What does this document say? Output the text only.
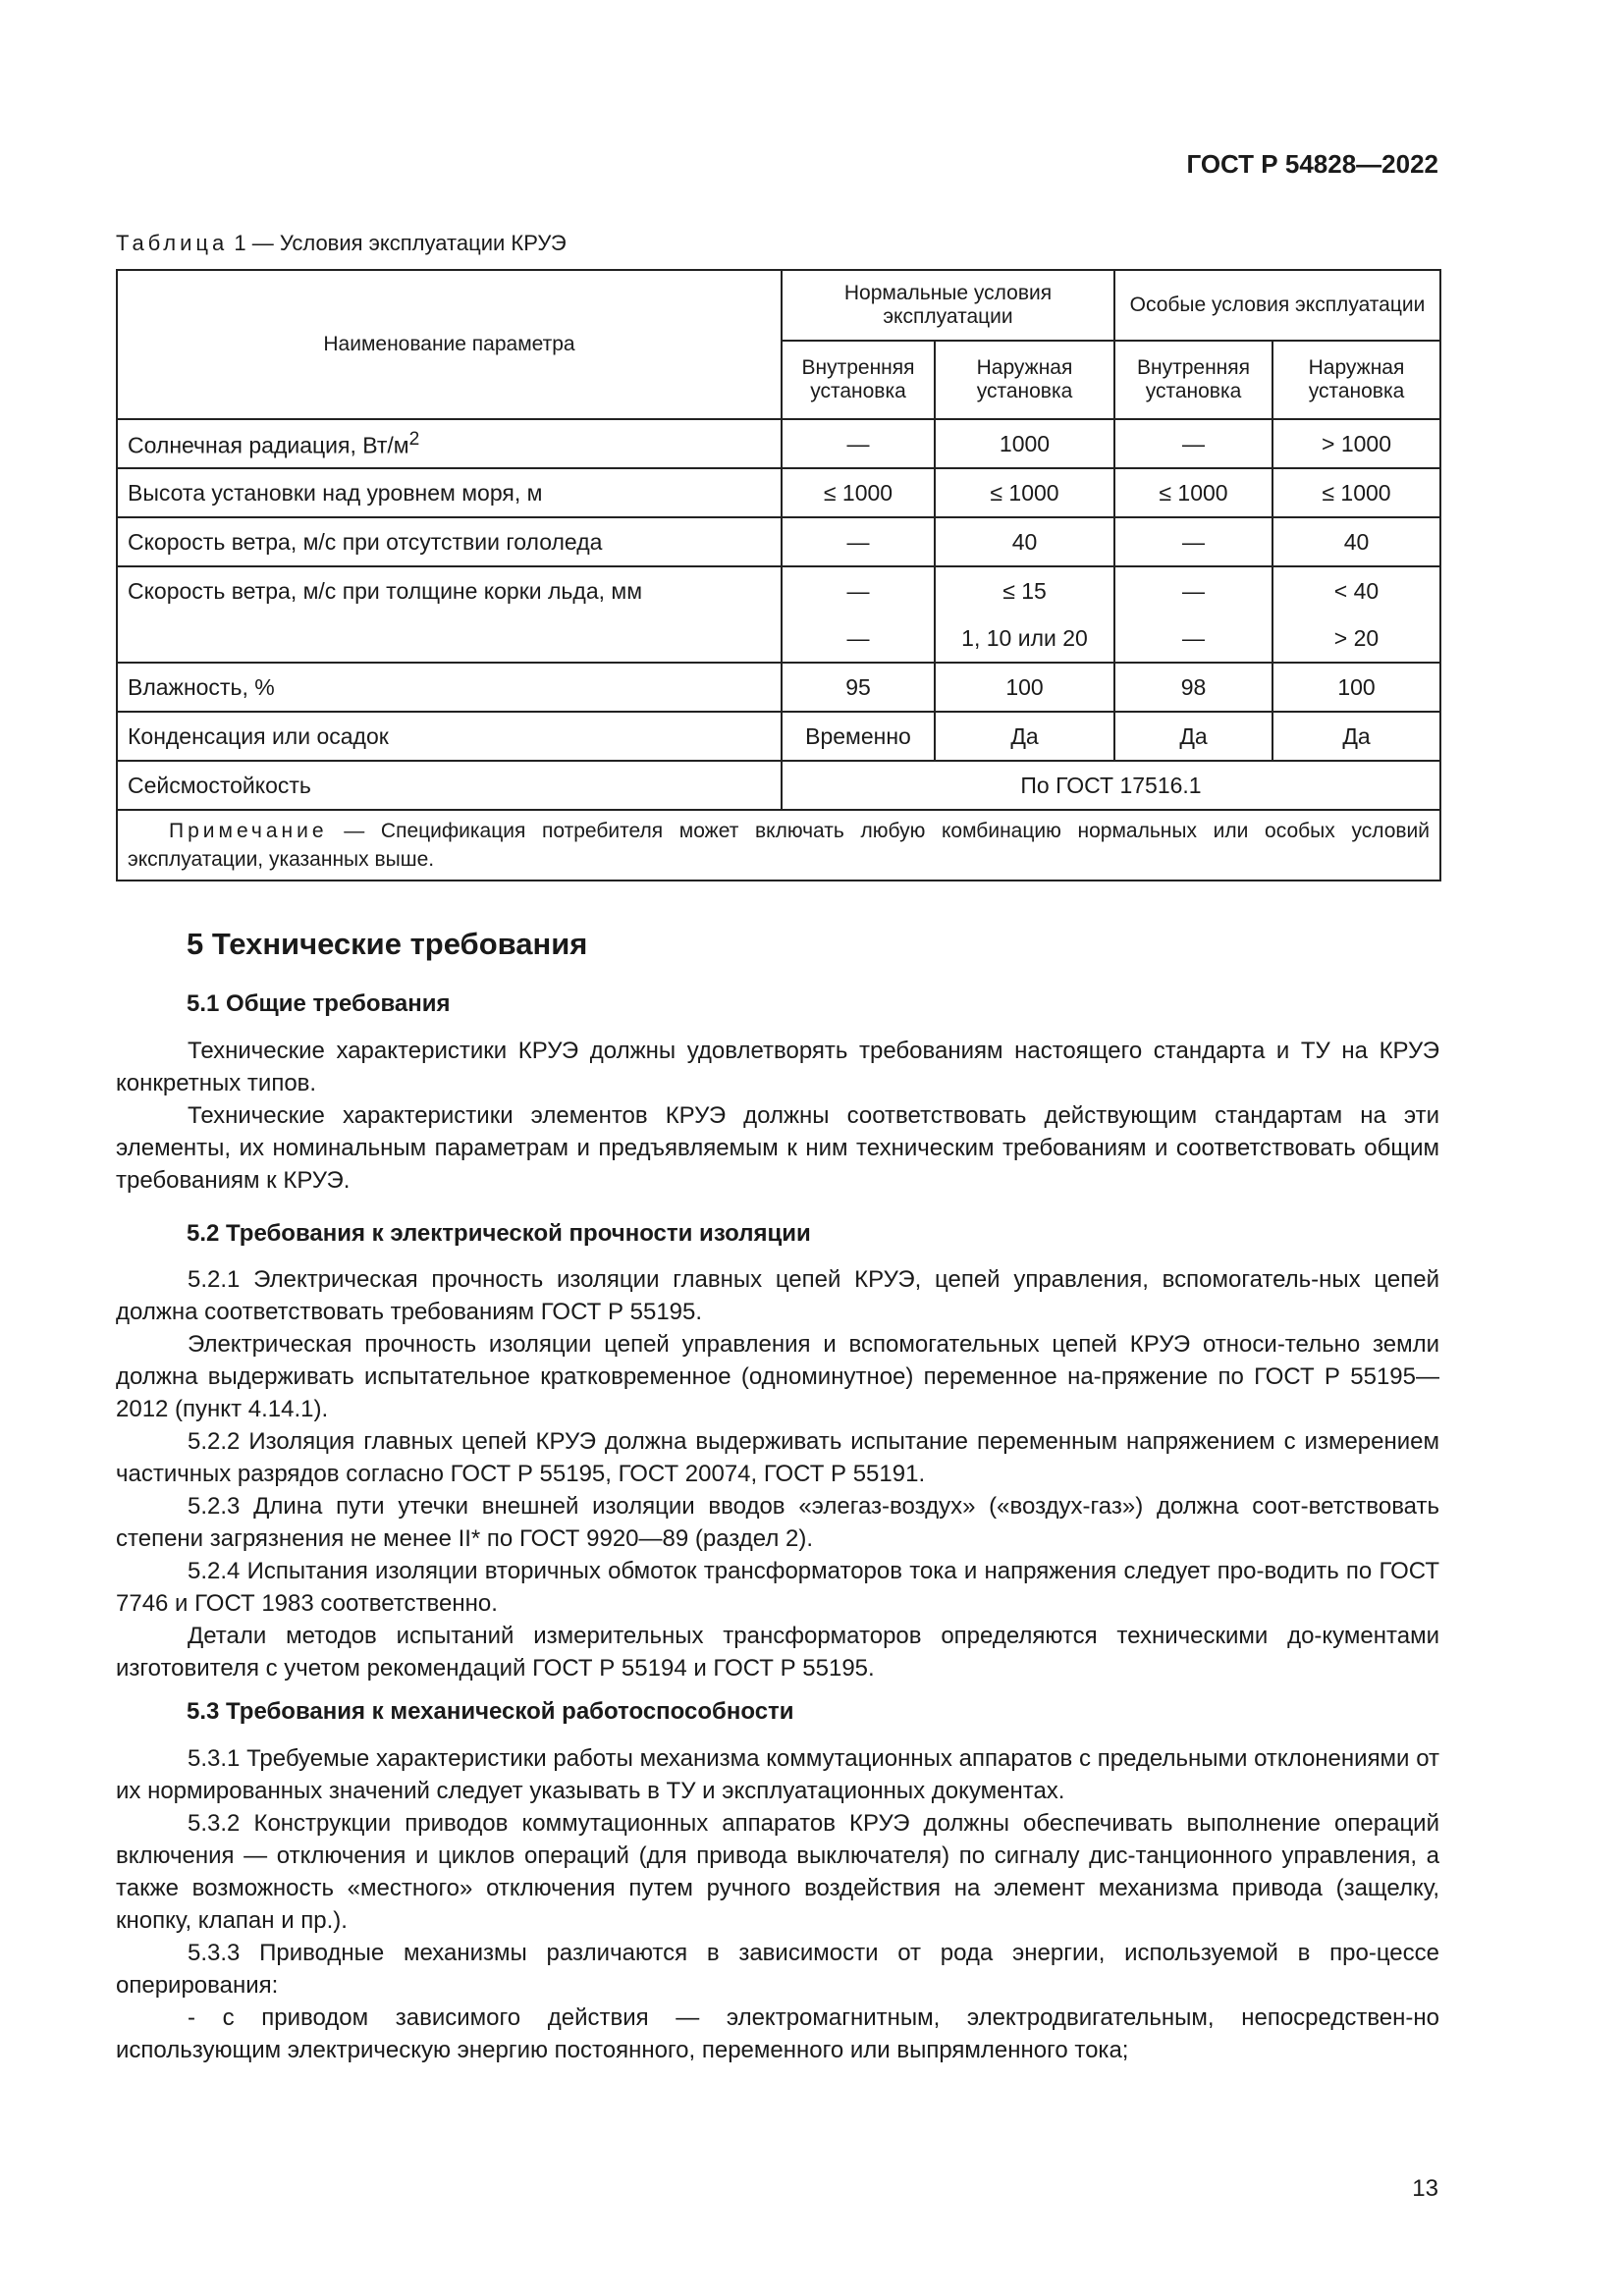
ГОСТ Р 54828—2022
Таблица 1 — Условия эксплуатации КРУЭ
Наименование параметра	Нормальные условия эксплуатации		Особые условия эксплуатации	
	Внутренняя установка	Наружная установка	Внутренняя установка	Наружная установка
Солнечная радиация, $Вт/м^2$	—	1000	—	> 1000
Высота установки над уровнем моря, м	≤ 1000	≤ 1000	≤ 1000	≤ 1000
Скорость ветра, м/с при отсутствии гололеда	—	40	—	40
Скорость ветра, м/с при толщине корки льда, мм	—	≤ 15	—	< 40
	—	1, 10 или 20	—	> 20
Влажность, %	95	100	98	100
Конденсация или осадок	Временно	Да	Да	Да
Сейсмостойкость	По ГОСТ 17516.1			
Примечание — Спецификация потребителя может включать любую комбинацию нормальных или особых условий эксплуатации, указанных выше.				
5 Технические требования
5.1 Общие требования

Технические характеристики КРУЭ должны удовлетворять требованиям настоящего стандарта и ТУ на КРУЭ конкретных типов.

Технические характеристики элементов КРУЭ должны соответствовать действующим стандартам на эти элементы, их номинальным параметрам и предъявляемым к ним техническим требованиям и соответствовать общим требованиям к КРУЭ.

5.2 Требования к электрической прочности изоляции

5.2.1 Электрическая прочность изоляции главных цепей КРУЭ, цепей управления, вспомогатель-ных цепей должна соответствовать требованиям ГОСТ Р 55195.

Электрическая прочность изоляции цепей управления и вспомогательных цепей КРУЭ относи-тельно земли должна выдерживать испытательное кратковременное (одноминутное) переменное на-пряжение по ГОСТ Р 55195—2012 (пункт 4.14.1).

5.2.2 Изоляция главных цепей КРУЭ должна выдерживать испытание переменным напряжением с измерением частичных разрядов согласно ГОСТ Р 55195, ГОСТ 20074, ГОСТ Р 55191.

5.2.3 Длина пути утечки внешней изоляции вводов «элегаз-воздух» («воздух-газ») должна соот-ветствовать степени загрязнения не менее II* по ГОСТ 9920—89 (раздел 2).

5.2.4 Испытания изоляции вторичных обмоток трансформаторов тока и напряжения следует про-водить по ГОСТ 7746 и ГОСТ 1983 соответственно.

Детали методов испытаний измерительных трансформаторов определяются техническими до-кументами изготовителя с учетом рекомендаций ГОСТ Р 55194 и ГОСТ Р 55195.

5.3 Требования к механической работоспособности

5.3.1 Требуемые характеристики работы механизма коммутационных аппаратов с предельными отклонениями от их нормированных значений следует указывать в ТУ и эксплуатационных документах.

5.3.2 Конструкции приводов коммутационных аппаратов КРУЭ должны обеспечивать выполнение операций включения — отключения и циклов операций (для привода выключателя) по сигналу дис-танционного управления, а также возможность «местного» отключения путем ручного воздействия на элемент механизма привода (защелку, кнопку, клапан и пр.).

5.3.3 Приводные механизмы различаются в зависимости от рода энергии, используемой в про-цессе оперирования:

- с приводом зависимого действия — электромагнитным, электродвигательным, непосредствен-но использующим электрическую энергию постоянного, переменного или выпрямленного тока;

13
